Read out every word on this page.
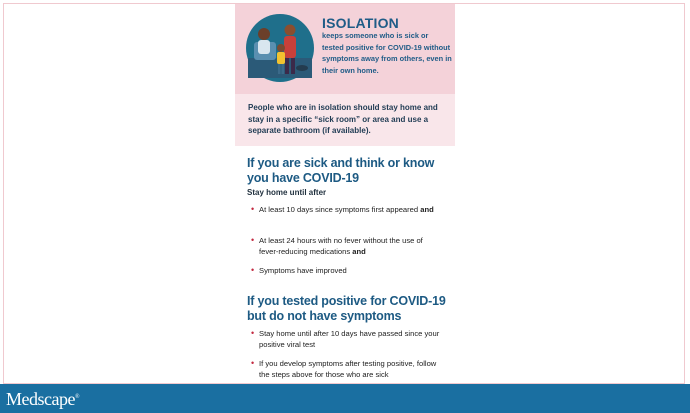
ISOLATION
keeps someone who is sick or tested positive for COVID-19 without symptoms away from others, even in their own home.
People who are in isolation should stay home and stay in a specific “sick room” or area and use a separate bathroom (if available).
If you are sick and think or know you have COVID-19
Stay home until after
• At least 10 days since symptoms first appeared and
• At least 24 hours with no fever without the use of fever-reducing medications and
• Symptoms have improved
If you tested positive for COVID-19 but do not have symptoms
• Stay home until after 10 days have passed since your positive viral test
• If you develop symptoms after testing positive, follow the steps above for those who are sick
Medscape®
